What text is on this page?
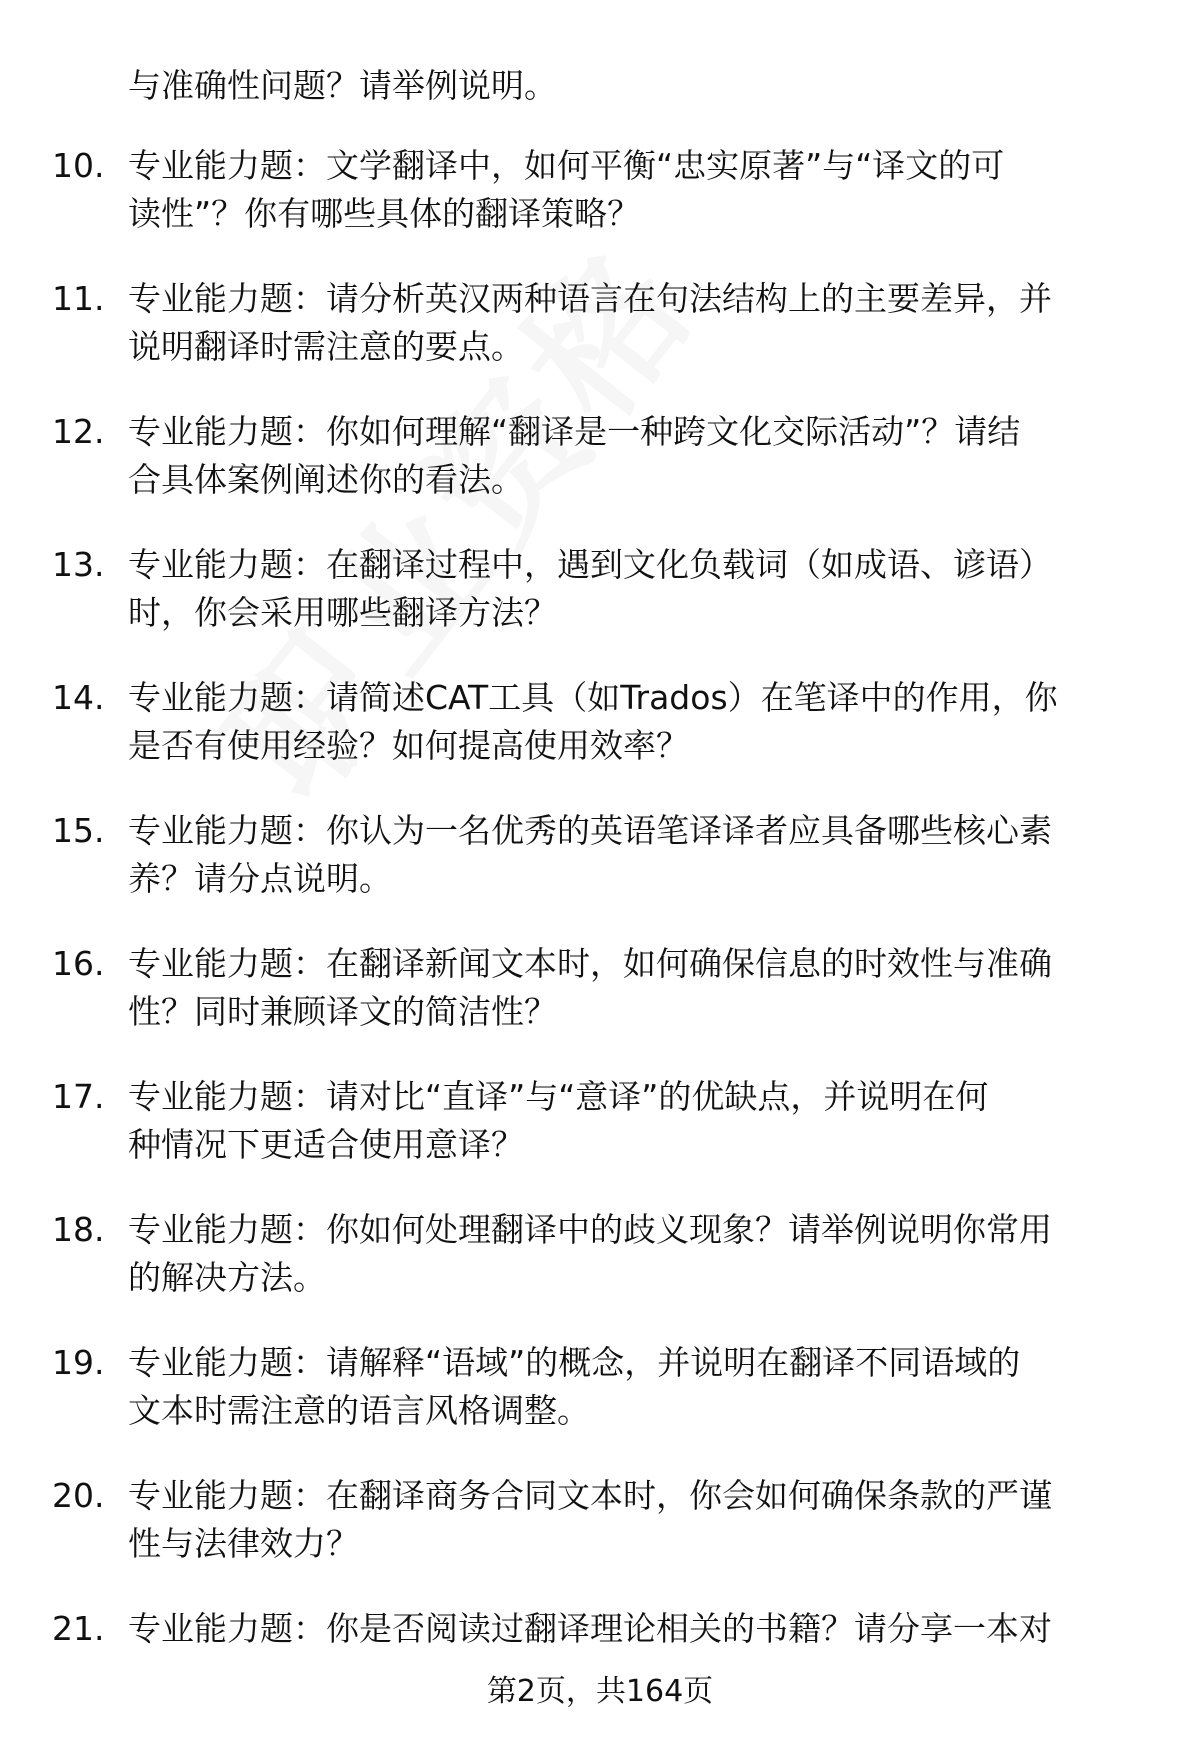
与准确性问题？请举例说明。
10. 专业能力题：文学翻译中，如何平衡“忠实原著”与“译文的可
读性”？你有哪些具体的翻译策略？
11. 专业能力题：请分析英汉两种语言在句法结构上的主要差异，并
说明翻译时需注意的要点。
12. 专业能力题：你如何理解“翻译是一种跨文化交际活动”？请结
合具体案例阐述你的看法。
13. 专业能力题：在翻译过程中，遇到文化负载词（如成语、谚语）
时，你会采用哪些翻译方法？
14. 专业能力题：请简述CAT工具（如Trados）在笔译中的作用，你
是否有使用经验？如何提高使用效率？
15. 专业能力题：你认为一名优秀的英语笔译译者应具备哪些核心素
养？请分点说明。
16. 专业能力题：在翻译新闻文本时，如何确保信息的时效性与准确
性？同时兼顾译文的简洁性？
17. 专业能力题：请对比“直译”与“意译”的优缺点，并说明在何
种情况下更适合使用意译？
18. 专业能力题：你如何处理翻译中的歧义现象？请举例说明你常用
的解决方法。
19. 专业能力题：请解释“语域”的概念，并说明在翻译不同语域的
文本时需注意的语言风格调整。
20. 专业能力题：在翻译商务合同文本时，你会如何确保条款的严谨
性与法律效力？
21. 专业能力题：你是否阅读过翻译理论相关的书籍？请分享一本对
第2页，共164页
